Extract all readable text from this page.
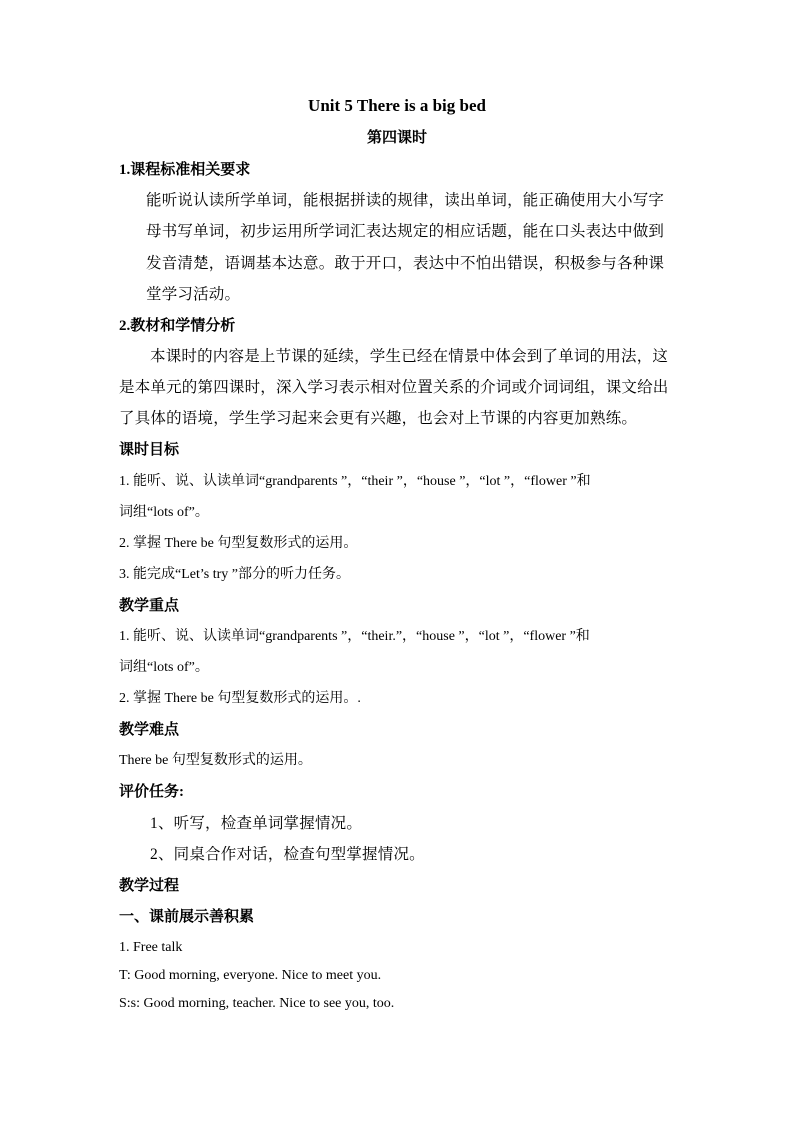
Unit 5 There is a big bed
第四课时
1.课程标准相关要求
能听说认读所学单词，能根据拼读的规律，读出单词，能正确使用大小写字
母书写单词，初步运用所学词汇表达规定的相应话题，能在口头表达中做到
发音清楚，语调基本达意。敢于开口，表达中不怕出错误，积极参与各种课
堂学习活动。
2.教材和学情分析
本课时的内容是上节课的延续，学生已经在情景中体会到了单词的用法，这
是本单元的第四课时，深入学习表示相对位置关系的介词或介词词组，课文给出
了具体的语境，学生学习起来会更有兴趣，也会对上节课的内容更加熟练。
课时目标
1. 能听、说、认读单词“grandparents ”，“their ”，“house ”，“lot ”，“flower ”和
词组“lots of”。
2. 掌握 There be 句型复数形式的运用。
3. 能完成“Let’s try ”部分的听力任务。
教学重点
1. 能听、说、认读单词“grandparents ”，“their.”，“house ”，“lot ”，“flower ”和
词组“lots of”。
2. 掌握 There be 句型复数形式的运用。.
教学难点
There be 句型复数形式的运用。
评价任务:
1、听写，检查单词掌握情况。
2、同桌合作对话，检查句型掌握情况。
教学过程
一、课前展示善积累
1. Free talk
T: Good morning, everyone. Nice to meet you.
S:s: Good morning, teacher. Nice to see you, too.
